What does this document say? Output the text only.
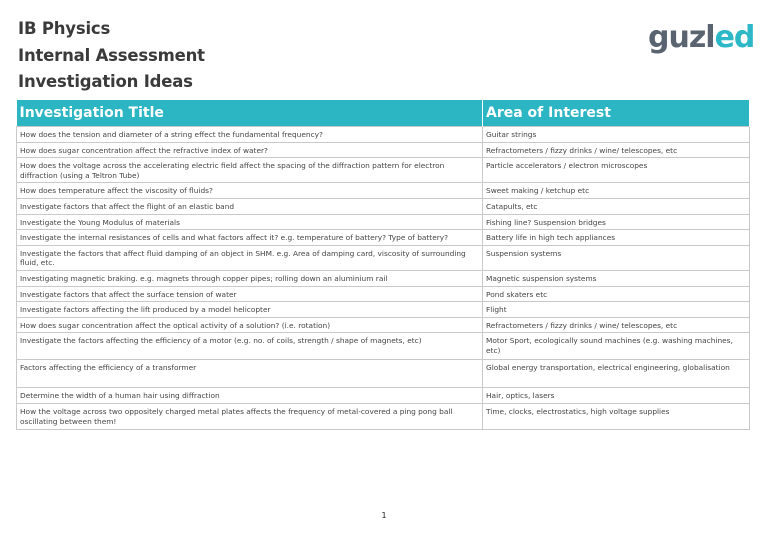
IB Physics
Internal Assessment
Investigation Ideas
guzled
Investigation Title	Area of Interest
How does the tension and diameter of a string effect the fundamental frequency?	Guitar strings
How does sugar concentration affect the refractive index of water?	Refractometers / fizzy drinks / wine/ telescopes, etc
How does the voltage across the accelerating electric field affect the spacing of the diffraction pattern for electron diffraction (using a Teltron Tube)	Particle accelerators / electron microscopes
How does temperature affect the viscosity of fluids?	Sweet making / ketchup etc
Investigate factors that affect the flight of an elastic band	Catapults, etc
Investigate the Young Modulus of materials	Fishing line? Suspension bridges
Investigate the internal resistances of cells and what factors affect it? e.g. temperature of battery? Type of battery?	Battery life in high tech appliances
Investigate the factors that affect fluid damping of an object in SHM. e.g. Area of damping card, viscosity of surrounding fluid, etc.	Suspension systems
Investigating magnetic braking. e.g. magnets through copper pipes; rolling down an aluminium rail	Magnetic suspension systems
Investigate factors that affect the surface tension of water	Pond skaters etc
Investigate factors affecting the lift produced by a model helicopter	Flight
How does sugar concentration affect the optical activity of a solution? (i.e. rotation)	Refractometers / fizzy drinks / wine/ telescopes, etc
Investigate the factors affecting the efficiency of a motor (e.g. no. of coils, strength / shape of magnets, etc)	Motor Sport, ecologically sound machines (e.g. washing machines, etc)
Factors affecting the efficiency of a transformer	Global energy transportation, electrical engineering, globalisation
Determine the width of a human hair using diffraction	Hair, optics, lasers
How the voltage across two oppositely charged metal plates affects the frequency of metal-covered a ping pong ball oscillating between them!	Time, clocks, electrostatics, high voltage supplies
1
